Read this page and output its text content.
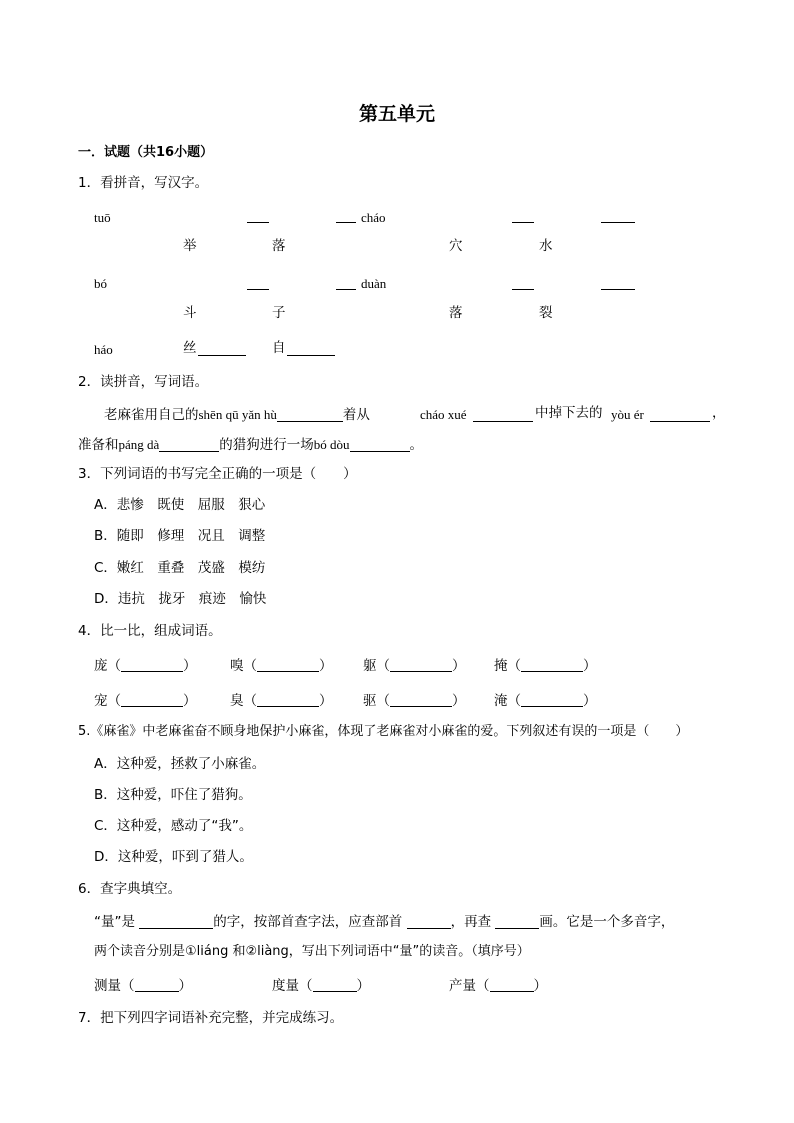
第五单元
一．试题（共16小题）
1．看拼音，写汉字。
tuō	cháo
举	落	穴	水
bó	duàn
斗	子	落	裂
háo	丝	自
2．读拼音，写词语。
老麻雀用自己的shēn qū yǎn hù	着从	cháo xué	中掉下去的 yòu ér	，
准备和páng dà	的猎狗进行一场bó dòu	。
3．下列词语的书写完全正确的一项是（　　）
A．悲惨　既使　屈服　狠心
B．随即　修理　况且　调整
C．嫩红　重叠　茂盛　模纺
D．违抗　拢牙　痕迹　愉快
4．比一比，组成词语。
庞（	） 嗅（	） 躯（	） 掩（	）
宠（	） 臭（	） 驱（	） 淹（	）
5.《麻雀》中老麻雀奋不顾身地保护小麻雀，体现了老麻雀对小麻雀的爱。下列叙述有误的一项是（　　）
A．这种爱，拯救了小麻雀。
B．这种爱，吓住了猎狗。
C．这种爱，感动了“我”。
D．这种爱，吓到了猎人。
6．查字典填空。
“量”是	的字，按部首查字法，应查部首	，再查	画。它是一个多音字，
两个读音分别是①liáng 和②liàng，写出下列词语中“量”的读音。（填序号）
测量（	）	度量（	）	产量（	）
7．把下列四字词语补充完整，并完成练习。
